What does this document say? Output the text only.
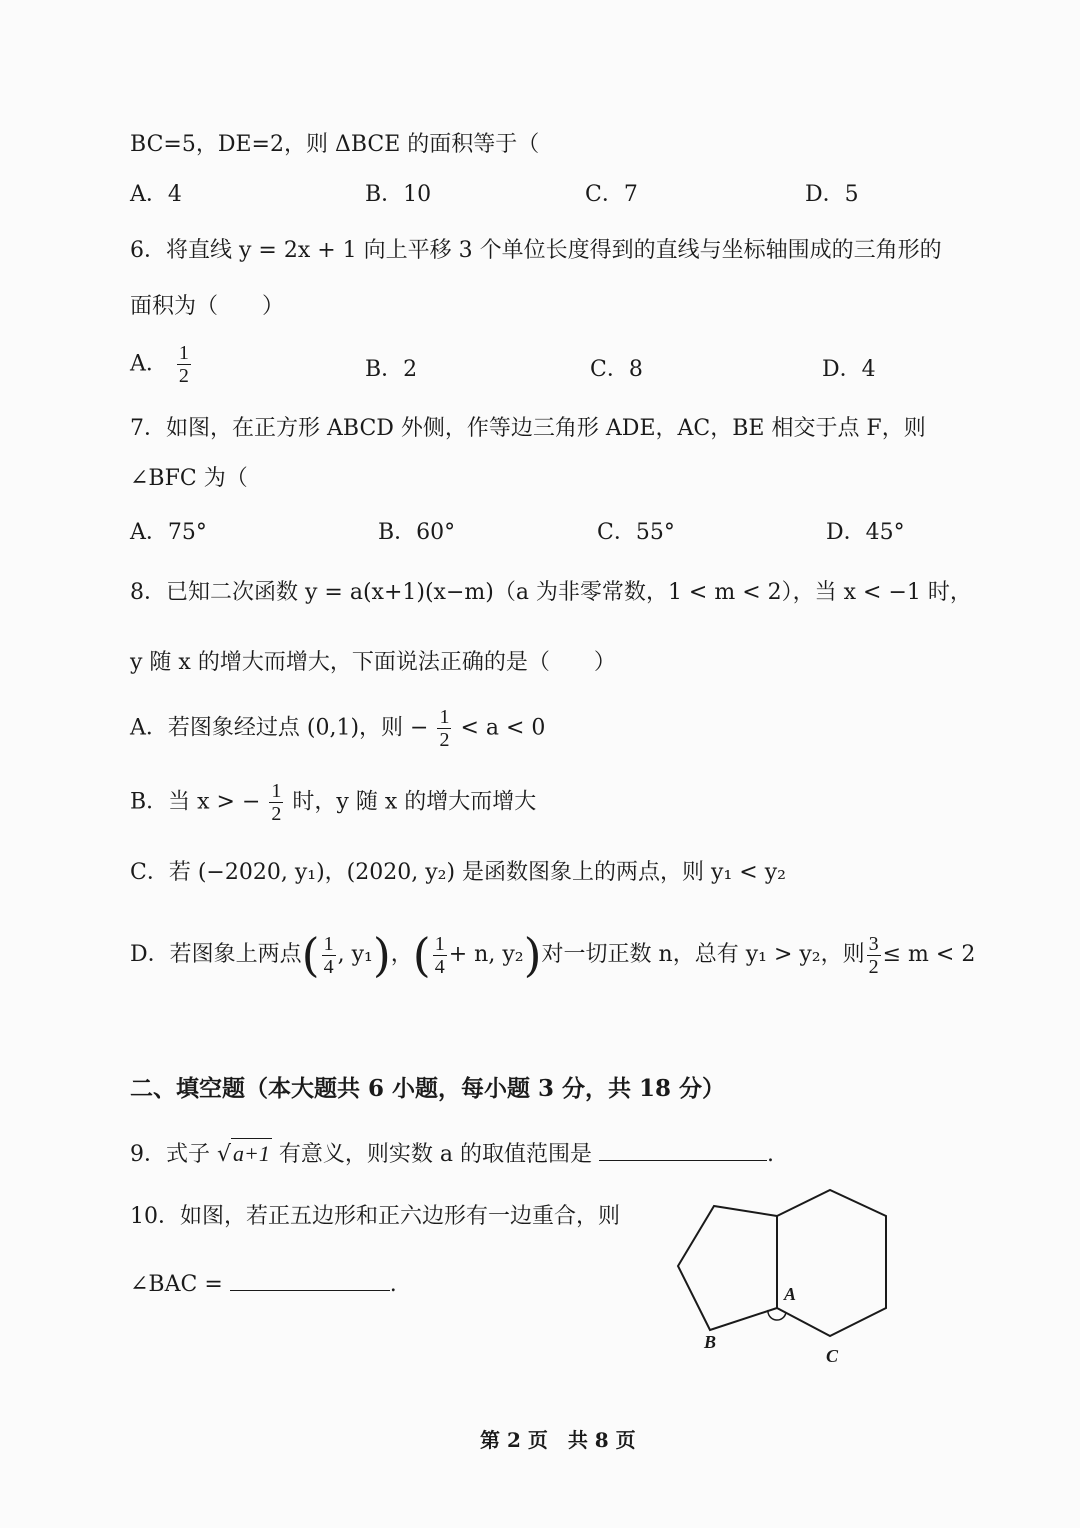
BC=5，DE=2，则 ΔBCE 的面积等于（
A．4	B．10	C．7	D．5
6．将直线 y = 2x + 1 向上平移 3 个单位长度得到的直线与坐标轴围成的三角形的
面积为（　　）
A． $\frac{1}{2}$	B．2	C．8	D．4
7．如图，在正方形 ABCD 外侧，作等边三角形 ADE，AC，BE 相交于点 F，则
∠BFC 为（
A．75°	B．60°	C．55°	D．45°
8．已知二次函数 y = a(x+1)(x−m)（a 为非零常数，1 < m < 2），当 x < −1 时，
y 随 x 的增大而增大，下面说法正确的是（　　）
A．若图象经过点 (0,1)，则 − $\frac{1}{2} < a < 0$
B．当 x > − $\frac{1}{2}$ 时，y 随 x 的增大而增大
C．若 (−2020, y₁)，(2020, y₂) 是函数图象上的两点，则 y₁ < y₂
D．若图象上两点( $\frac{1}{4}$ , y₁)，( $\frac{1}{4} + n$, y₂)对一切正数 n，总有 y₁ > y₂，则 $\frac{3}{2} \le m < 2$
二、填空题（本大题共 6 小题，每小题 3 分，共 18 分）
9．式子 √a+1 有意义，则实数 a 的取值范围是	.
10．如图，若正五边形和正六边形有一边重合，则
∠BAC =	.	A
B
C
第 2 页　共 8 页
